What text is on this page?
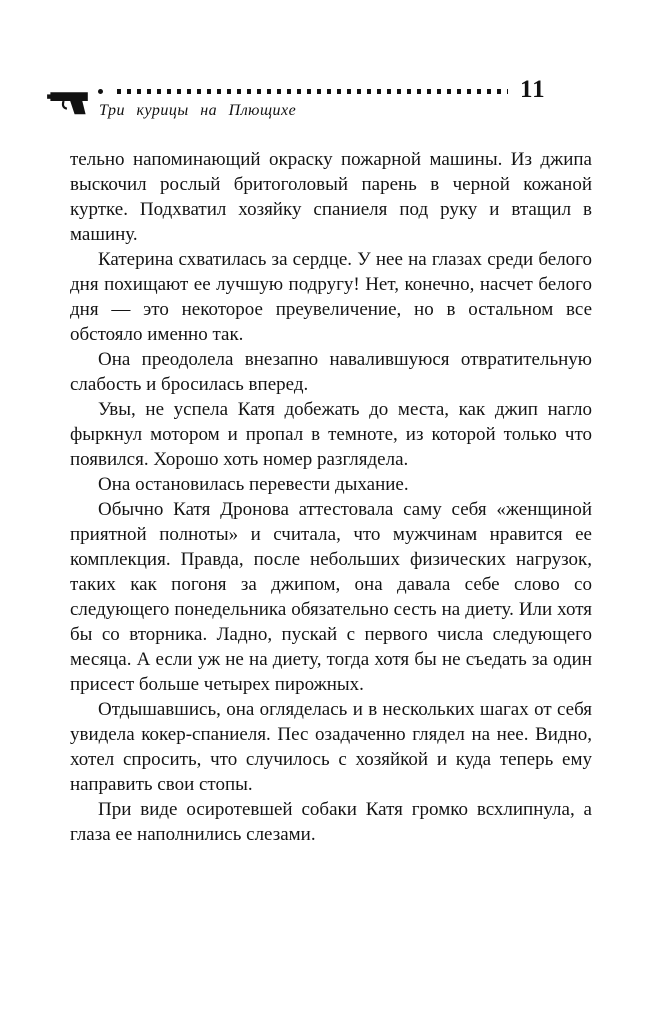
11
Три курицы на Плющихе

тельно напоминающий окраску пожарной машины. Из джипа выскочил рослый бритоголовый парень в черной кожаной куртке. Подхватил хозяйку спаниеля под руку и втащил в машину.

Катерина схватилась за сердце. У нее на глазах среди белого дня похищают ее лучшую подругу! Нет, конечно, насчет белого дня — это некоторое преувеличение, но в остальном все обстояло именно так.

Она преодолела внезапно навалившуюся отвратительную слабость и бросилась вперед.

Увы, не успела Катя добежать до места, как джип нагло фыркнул мотором и пропал в темноте, из которой только что появился. Хорошо хоть номер разглядела.

Она остановилась перевести дыхание.

Обычно Катя Дронова аттестовала саму себя «женщиной приятной полноты» и считала, что мужчинам нравится ее комплекция. Правда, после небольших физических нагрузок, таких как погоня за джипом, она давала себе слово со следующего понедельника обязательно сесть на диету. Или хотя бы со вторника. Ладно, пускай с первого числа следующего месяца. А если уж не на диету, тогда хотя бы не съедать за один присест больше четырех пирожных.

Отдышавшись, она огляделась и в нескольких шагах от себя увидела кокер-спаниеля. Пес озадаченно глядел на нее. Видно, хотел спросить, что случилось с хозяйкой и куда теперь ему направить свои стопы.

При виде осиротевшей собаки Катя громко всхлипнула, а глаза ее наполнились слезами.
